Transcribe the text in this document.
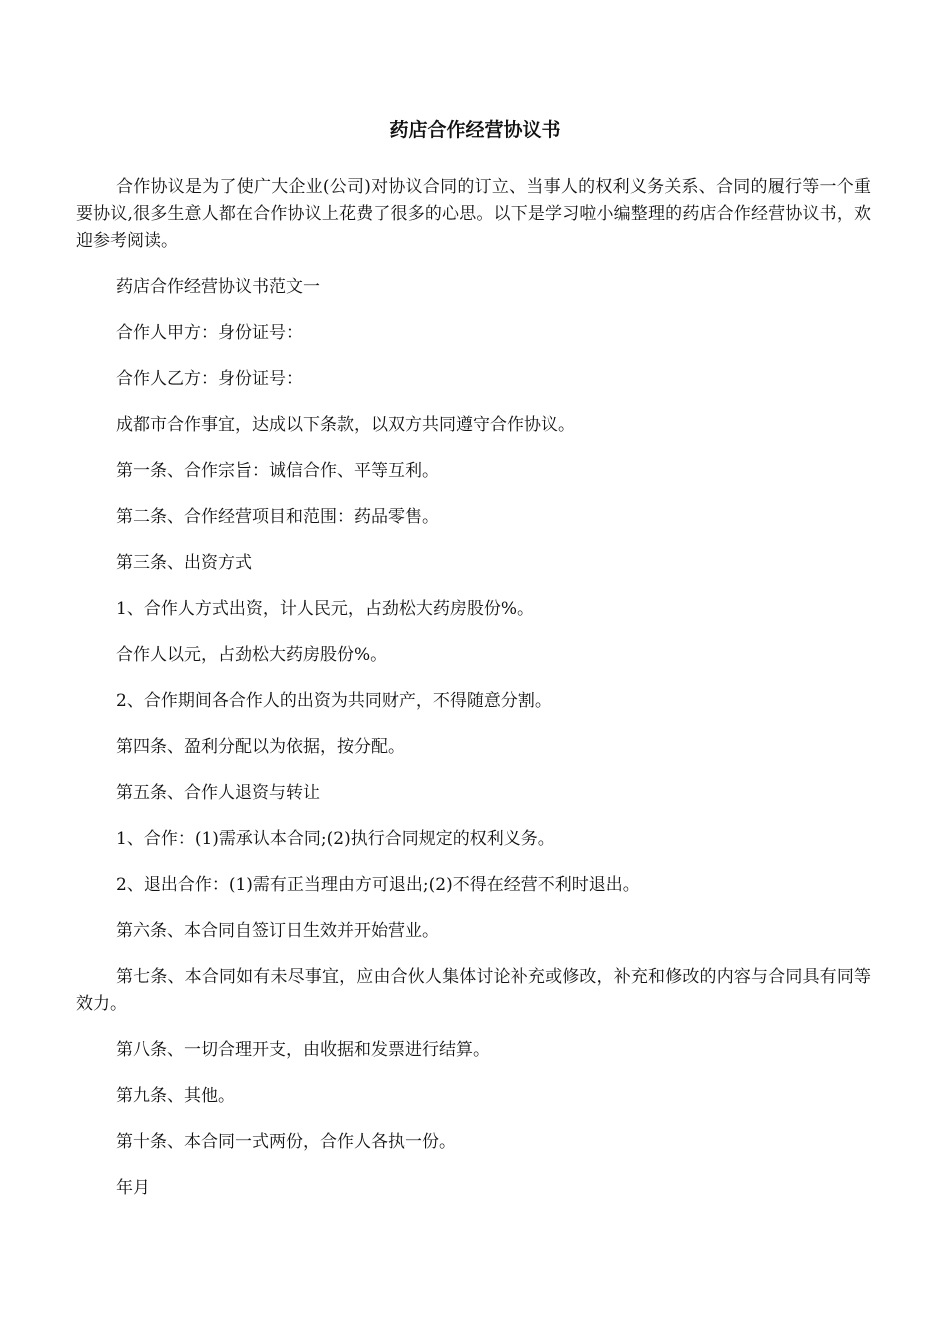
药店合作经营协议书

合作协议是为了使广大企业(公司)对协议合同的订立、当事人的权利义务关系、合同的履行等一个重要协议,很多生意人都在合作协议上花费了很多的心思。以下是学习啦小编整理的药店合作经营协议书，欢迎参考阅读。

药店合作经营协议书范文一

合作人甲方：身份证号：

合作人乙方：身份证号：

成都市合作事宜，达成以下条款，以双方共同遵守合作协议。

第一条、合作宗旨：诚信合作、平等互利。

第二条、合作经营项目和范围：药品零售。

第三条、出资方式

1、合作人方式出资，计人民元，占劲松大药房股份%。

合作人以元，占劲松大药房股份%。

2、合作期间各合作人的出资为共同财产，不得随意分割。

第四条、盈利分配以为依据，按分配。

第五条、合作人退资与转让

1、合作：(1)需承认本合同;(2)执行合同规定的权利义务。

2、退出合作：(1)需有正当理由方可退出;(2)不得在经营不利时退出。

第六条、本合同自签订日生效并开始营业。

第七条、本合同如有未尽事宜，应由合伙人集体讨论补充或修改，补充和修改的内容与合同具有同等效力。

第八条、一切合理开支，由收据和发票进行结算。

第九条、其他。

第十条、本合同一式两份，合作人各执一份。

年月
